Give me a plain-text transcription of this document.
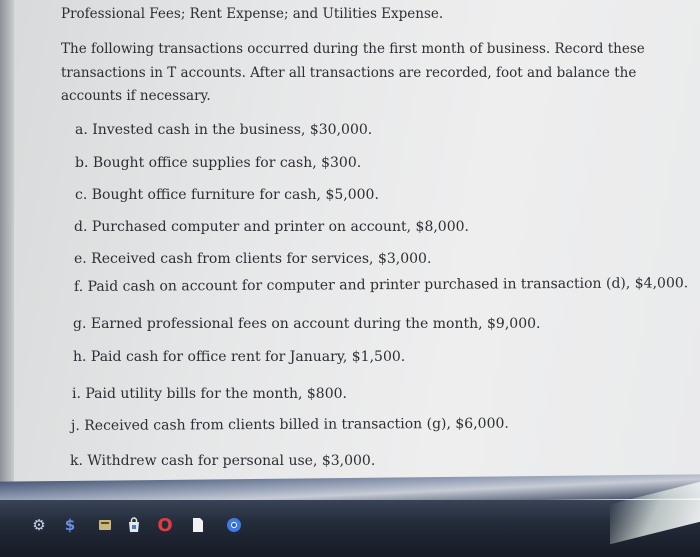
Professional Fees; Rent Expense; and Utilities Expense.
The following transactions occurred during the first month of business. Record these
transactions in T accounts. After all transactions are recorded, foot and balance the
accounts if necessary.
a. Invested cash in the business, $30,000.
b. Bought office supplies for cash, $300.
c. Bought office furniture for cash, $5,000.
d. Purchased computer and printer on account, $8,000.
e. Received cash from clients for services, $3,000.
f. Paid cash on account for computer and printer purchased in transaction (d), $4,000.
g. Earned professional fees on account during the month, $9,000.
h. Paid cash for office rent for January, $1,500.
i. Paid utility bills for the month, $800.
j. Received cash from clients billed in transaction (g), $6,000.
k. Withdrew cash for personal use, $3,000.
⚙ $	O
